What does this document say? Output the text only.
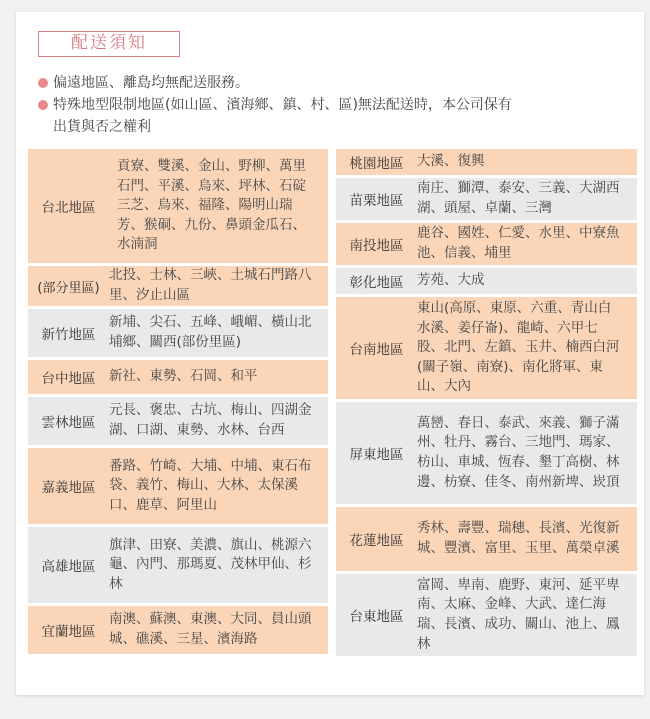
配送須知
偏遠地區、離島均無配送服務。
特殊地型限制地區(如山區、濱海鄉、鎮、村、區)無法配送時，本公司保有
出貨與否之權利
台北地區	貢寮、雙溪、金山、野柳、萬里石門、平溪、烏來、坪林、石碇三芝、烏來、福隆、陽明山瑞芳、猴硐、九份、鼻頭金瓜石、水湳洞

(部分里區)	北投、士林、三峽、土城石門路八里、汐止山區

新竹地區	新埔、尖石、五峰、峨嵋、橫山北埔鄉、關西(部份里區)

台中地區	新社、東勢、石岡、和平

雲林地區	元長、褒忠、古坑、梅山、四湖金湖、口湖、東勢、水林、台西

嘉義地區	番路、竹崎、大埔、中埔、東石布袋、義竹、梅山、大林、太保溪口、鹿草、阿里山

高雄地區	旗津、田寮、美濃、旗山、桃源六龜、內門、那瑪夏、茂林甲仙、杉林

宜蘭地區	南澳、蘇澳、東澳、大同、員山頭城、礁溪、三星、濱海路
桃園地區	大溪、復興

苗栗地區	南庄、獅潭、泰安、三義、大湖西湖、頭屋、卓蘭、三灣

南投地區	鹿谷、國姓、仁愛、水里、中寮魚池、信義、埔里

彰化地區	芳苑、大成

台南地區	東山(高原、東原、六重、青山白水溪、姜仔崙)、龍崎、六甲七股、北門、左鎮、玉井、楠西白河(關子嶺、南寮)、南化將軍、東山、大內

屏東地區	萬巒、春日、泰武、來義、獅子滿州、牡丹、霧台、三地門、瑪家、枋山、車城、恆春、墾丁高樹、林邊、枋寮、佳冬、南州新埤、崁頂

花蓮地區	秀林、壽豐、瑞穗、長濱、光復新城、豐濱、富里、玉里、萬榮卓溪

台東地區	富岡、卑南、鹿野、東河、延平卑南、太麻、金峰、大武、達仁海瑞、長濱、成功、關山、池上、鳳林
